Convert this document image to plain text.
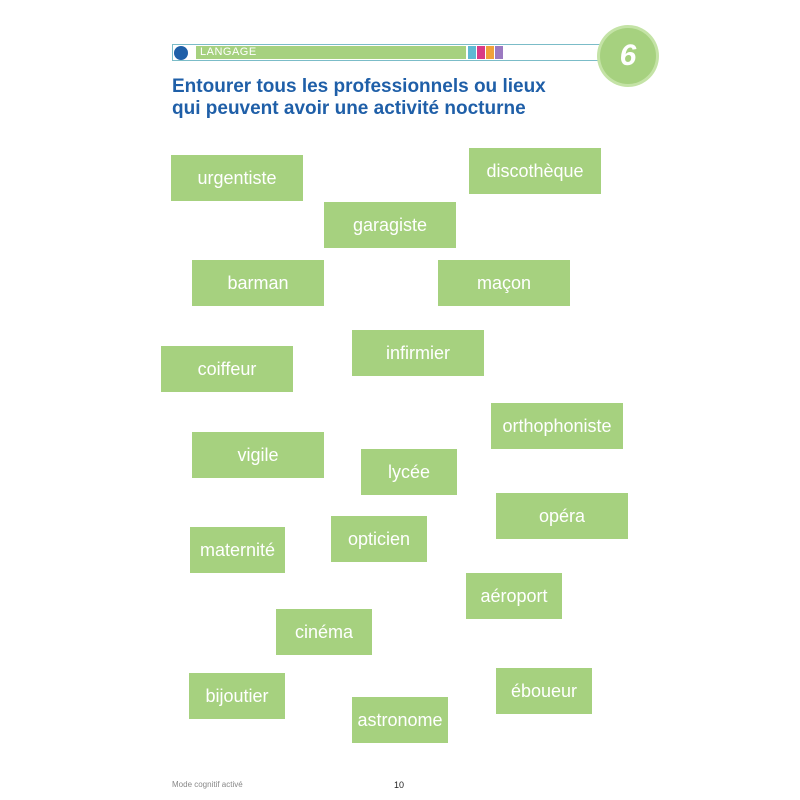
LANGAGE	6
Entourer tous les professionnels ou lieux
qui peuvent avoir une activité nocturne
urgentiste	discothèque
garagiste
barman	maçon
infirmier
coiffeur
orthophoniste
vigile
lycée
opéra
maternité
opticien
aéroport
cinéma
bijoutier	éboueur
astronome
Mode cognitif activé	10
